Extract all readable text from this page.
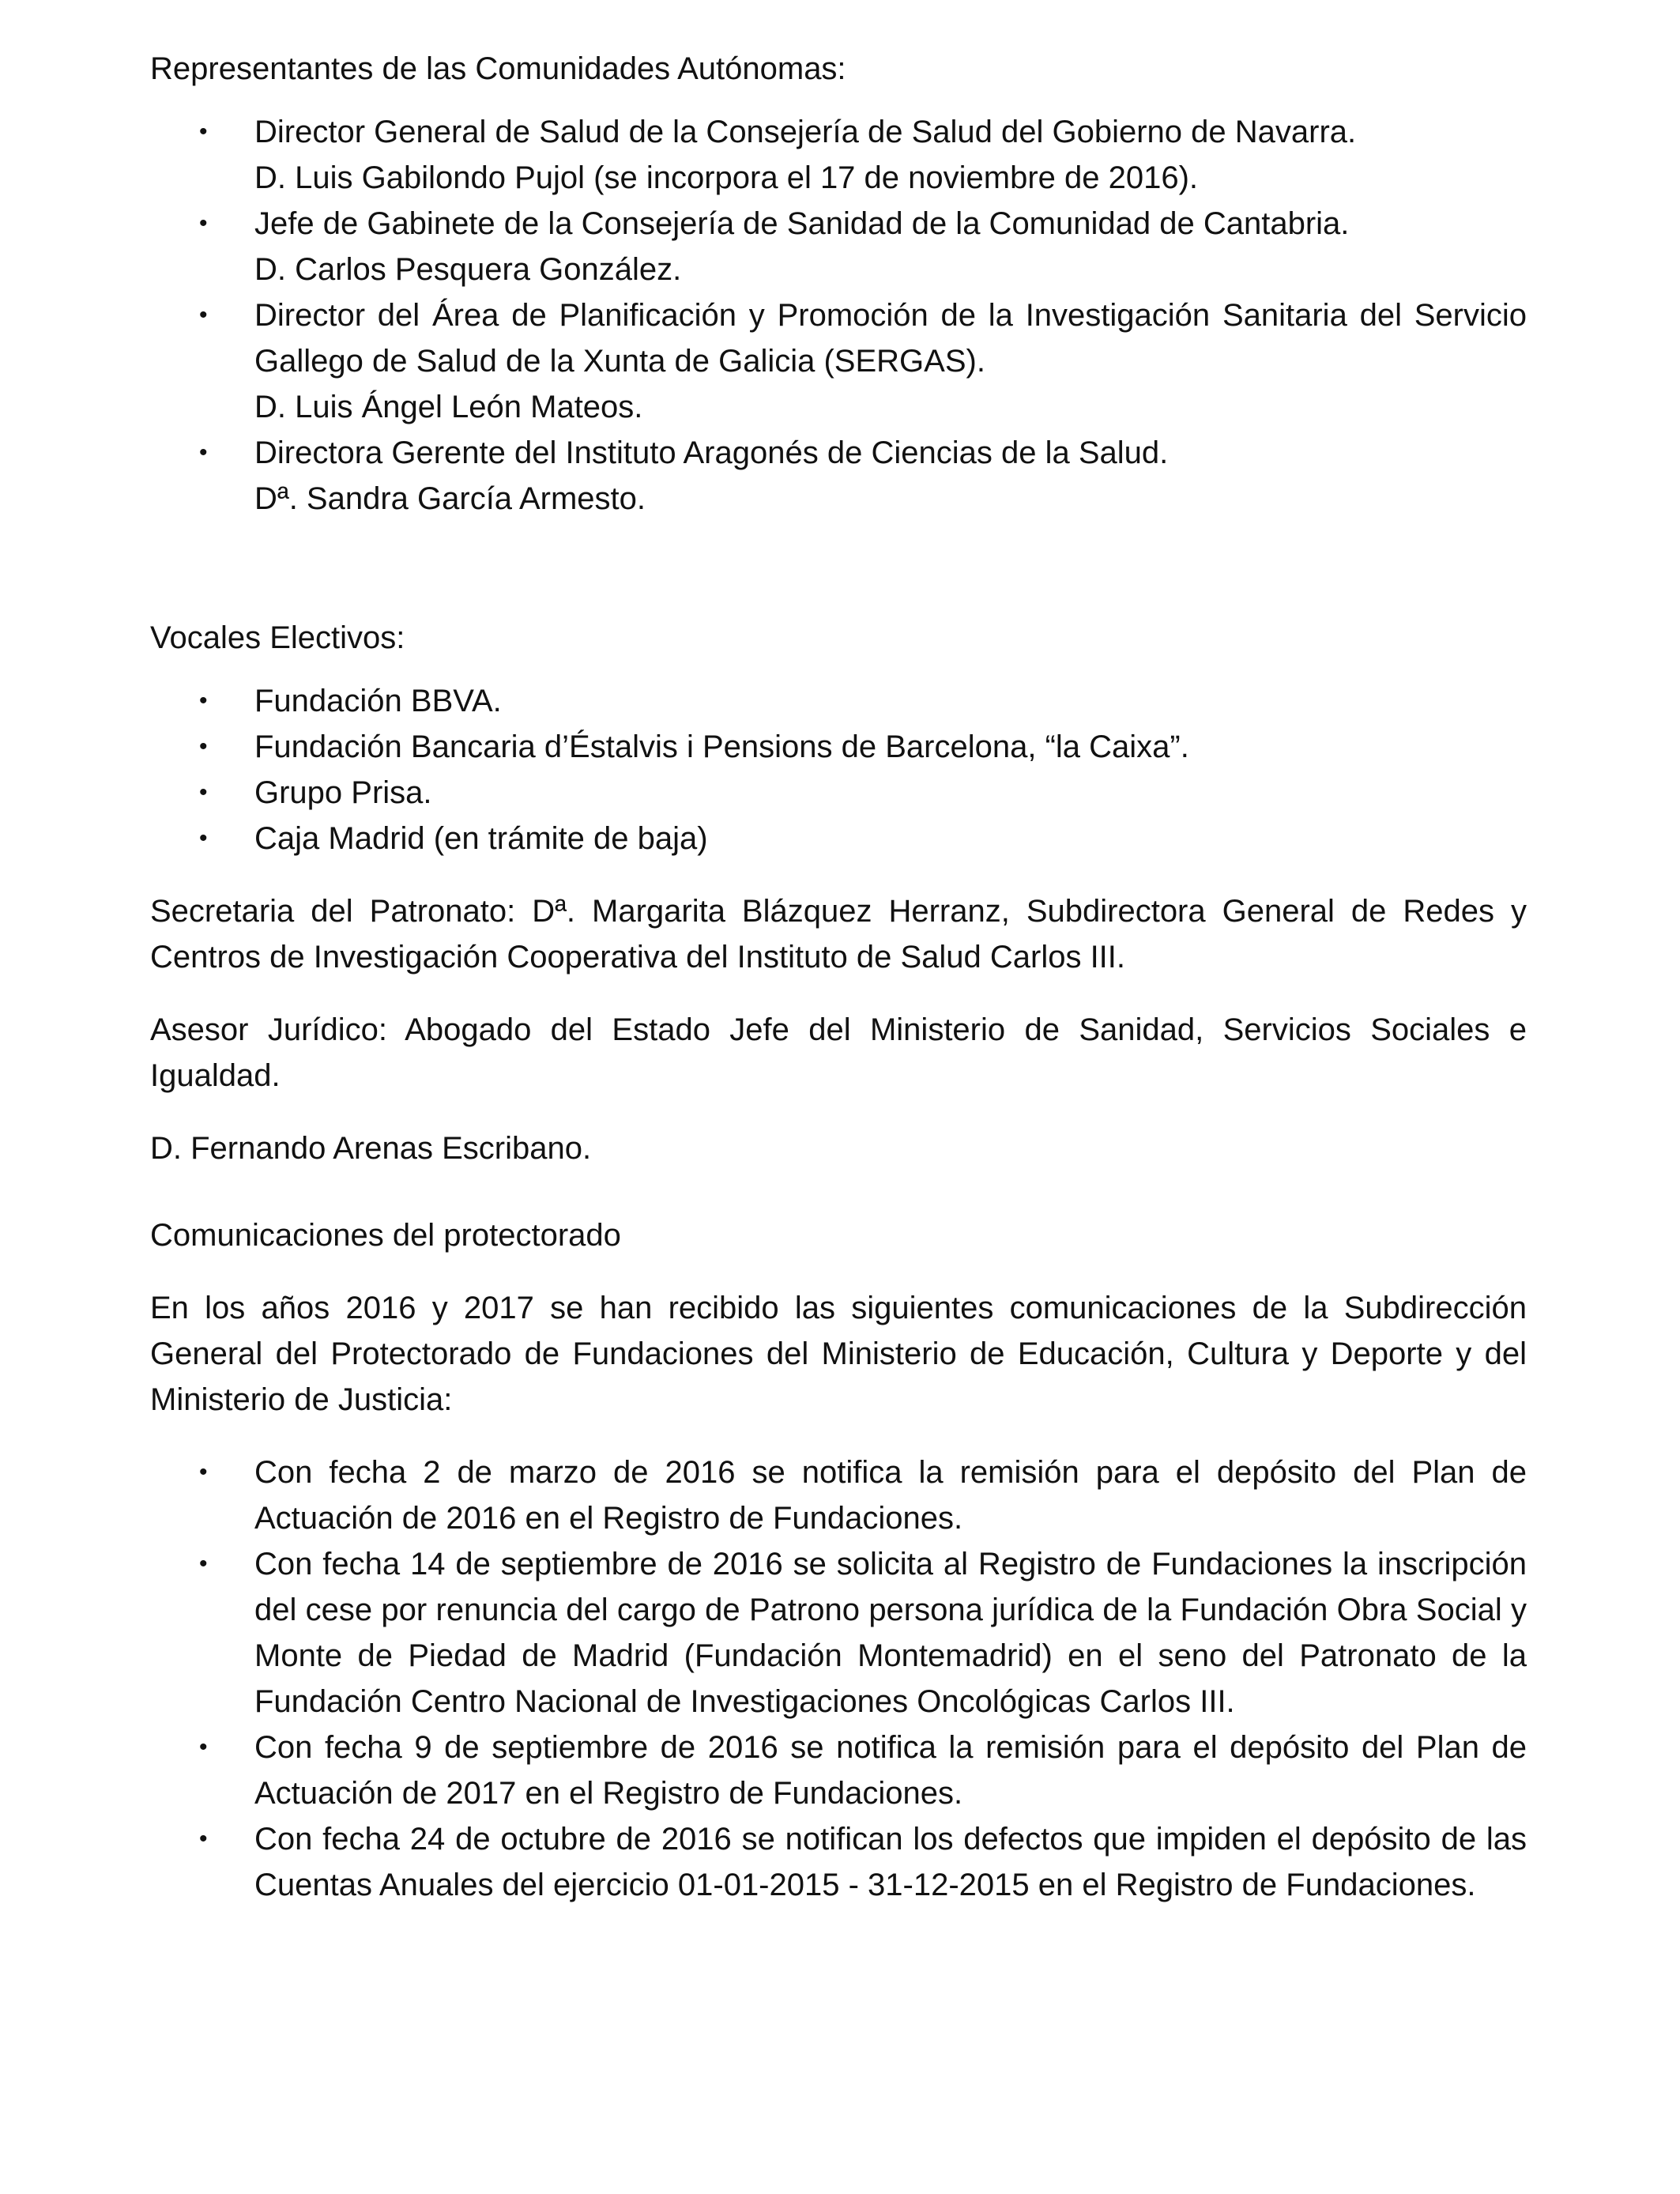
Representantes de las Comunidades Autónomas:
• Director General de Salud de la Consejería de Salud del Gobierno de Navarra.
D. Luis Gabilondo Pujol (se incorpora el 17 de noviembre de 2016).
• Jefe de Gabinete de la Consejería de Sanidad de la Comunidad de Cantabria.
D. Carlos Pesquera González.
• Director del Área de Planificación y Promoción de la Investigación Sanitaria del Servicio Gallego de Salud de la Xunta de Galicia (SERGAS).
D. Luis Ángel León Mateos.
• Directora Gerente del Instituto Aragonés de Ciencias de la Salud.
Dª. Sandra García Armesto.
Vocales Electivos:
• Fundación BBVA.
• Fundación Bancaria d’Éstalvis i Pensions de Barcelona, “la Caixa”.
• Grupo Prisa.
• Caja Madrid (en trámite de baja)
Secretaria del Patronato: Dª. Margarita Blázquez Herranz, Subdirectora General de Redes y Centros de Investigación Cooperativa del Instituto de Salud Carlos III.
Asesor Jurídico: Abogado del Estado Jefe del Ministerio de Sanidad, Servicios Sociales e Igualdad.
D. Fernando Arenas Escribano.
Comunicaciones del protectorado
En los años 2016 y 2017 se han recibido las siguientes comunicaciones de la Subdirección General del Protectorado de Fundaciones del Ministerio de Educación, Cultura y Deporte y del Ministerio de Justicia:
• Con fecha 2 de marzo de 2016 se notifica la remisión para el depósito del Plan de Actuación de 2016 en el Registro de Fundaciones.
• Con fecha 14 de septiembre de 2016 se solicita al Registro de Fundaciones la inscripción del cese por renuncia del cargo de Patrono persona jurídica de la Fundación Obra Social y Monte de Piedad de Madrid (Fundación Montemadrid) en el seno del Patronato de la Fundación Centro Nacional de Investigaciones Oncológicas Carlos III.
• Con fecha 9 de septiembre de 2016 se notifica la remisión para el depósito del Plan de Actuación de 2017 en el Registro de Fundaciones.
• Con fecha 24 de octubre de 2016 se notifican los defectos que impiden el depósito de las Cuentas Anuales del ejercicio 01-01-2015 - 31-12-2015 en el Registro de Fundaciones.
